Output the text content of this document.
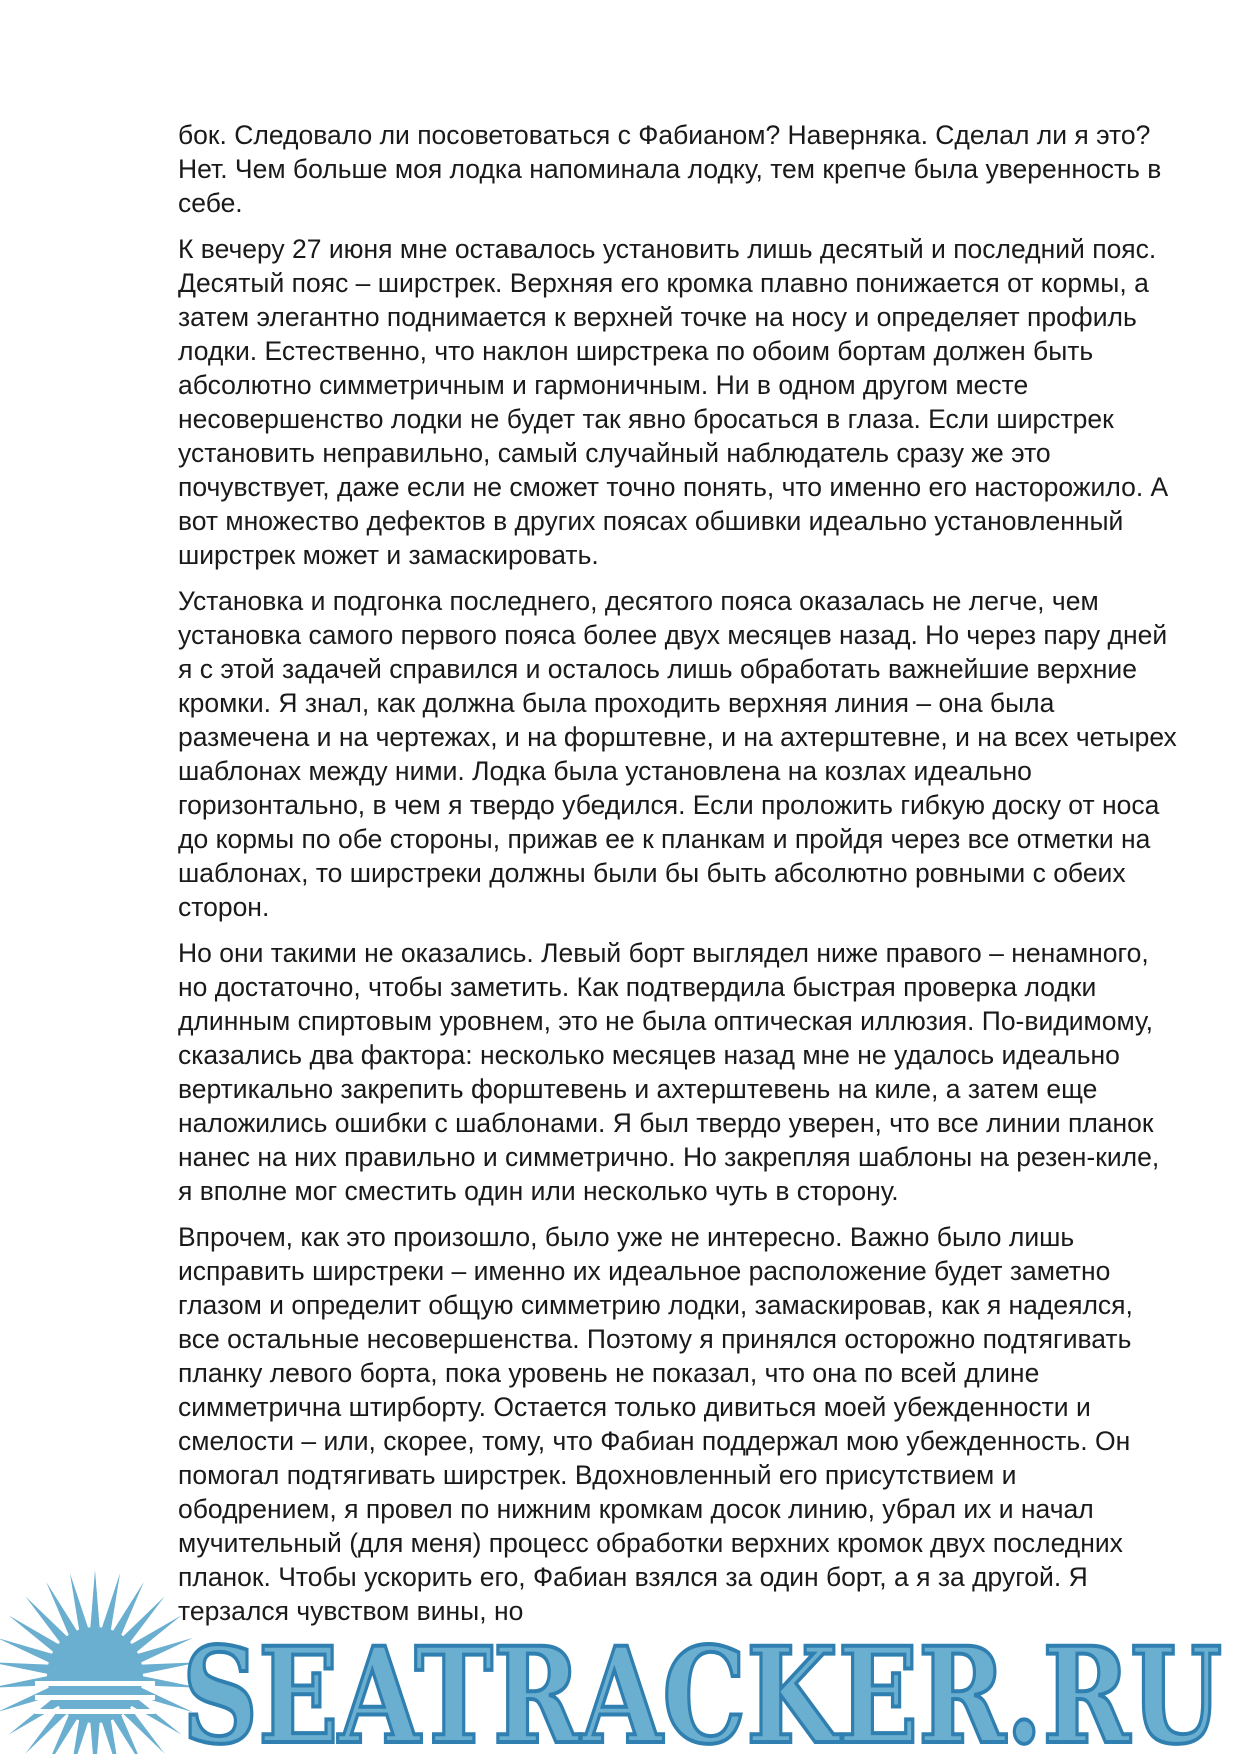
бок. Следовало ли посоветоваться с Фабианом? Наверняка. Сделал ли я это? Нет. Чем больше моя лодка напоминала лодку, тем крепче была уверенность в себе.

К вечеру 27 июня мне оставалось установить лишь десятый и последний пояс. Десятый пояс – ширстрек. Верхняя его кромка плавно понижается от кормы, а затем элегантно поднимается к верхней точке на носу и определяет профиль лодки. Естественно, что наклон ширстрека по обоим бортам должен быть абсолютно симметричным и гармоничным. Ни в одном другом месте несовершенство лодки не будет так явно бросаться в глаза. Если ширстрек установить неправильно, самый случайный наблюдатель сразу же это почувствует, даже если не сможет точно понять, что именно его насторожило. А вот множество дефектов в других поясах обшивки идеально установленный ширстрек может и замаскировать.

Установка и подгонка последнего, десятого пояса оказалась не легче, чем установка самого первого пояса более двух месяцев назад. Но через пару дней я с этой задачей справился и осталось лишь обработать важнейшие верхние кромки. Я знал, как должна была проходить верхняя линия – она была размечена и на чертежах, и на форштевне, и на ахтерштевне, и на всех четырех шаблонах между ними. Лодка была установлена на козлах идеально горизонтально, в чем я твердо убедился. Если проложить гибкую доску от носа до кормы по обе стороны, прижав ее к планкам и пройдя через все отметки на шаблонах, то ширстреки должны были бы быть абсолютно ровными с обеих сторон.

Но они такими не оказались. Левый борт выглядел ниже правого – ненамного, но достаточно, чтобы заметить. Как подтвердила быстрая проверка лодки длинным спиртовым уровнем, это не была оптическая иллюзия. По-видимому, сказались два фактора: несколько месяцев назад мне не удалось идеально вертикально закрепить форштевень и ахтерштевень на киле, а затем еще наложились ошибки с шаблонами. Я был твердо уверен, что все линии планок нанес на них правильно и симметрично. Но закрепляя шаблоны на резен-киле, я вполне мог сместить один или несколько чуть в сторону.

Впрочем, как это произошло, было уже не интересно. Важно было лишь исправить ширстреки – именно их идеальное расположение будет заметно глазом и определит общую симметрию лодки, замаскировав, как я надеялся, все остальные несовершенства. Поэтому я принялся осторожно подтягивать планку левого борта, пока уровень не показал, что она по всей длине симметрична штирборту. Остается только дивиться моей убежденности и смелости – или, скорее, тому, что Фабиан поддержал мою убежденность. Он помогал подтягивать ширстрек. Вдохновленный его присутствием и ободрением, я провел по нижним кромкам досок линию, убрал их и начал мучительный (для меня) процесс обработки верхних кромок двух последних планок. Чтобы ускорить его, Фабиан взялся за один борт, а я за другой. Я терзался чувством вины, но

SEATRACKER.RU
